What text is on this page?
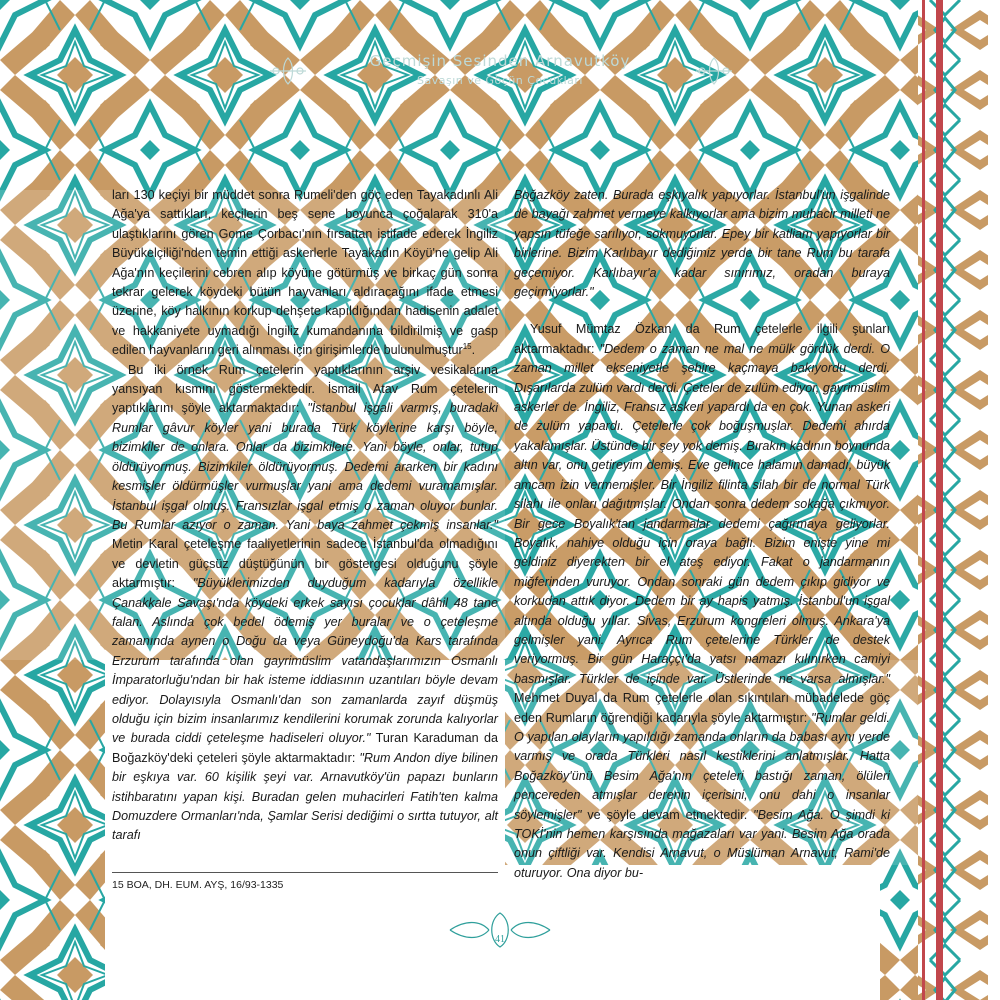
Geçmişin Sesinden Arnavutköy
Savaşın ve Göçün Çocukları

ları 130 keçiyi bir müddet sonra Rumeli'den göç eden Tayakadınlı Ali Ağa'ya sattıkları, keçilerin beş sene boyunca çoğalarak 310'a ulaştıklarını gören Gome Çorbacı'nın fırsattan istifade ederek İngiliz Büyükelçiliği'nden temin ettiği askerlerle Tayakadın Köyü'ne gelip Ali Ağa'nın keçilerini cebren alıp köyüne götürmüş ve birkaç gün sonra tekrar gelerek köydeki bütün hayvanları aldıracağını ifade etmesi üzerine, köy halkının korkup dehşete kapıldığından hadisenin adalet ve hakkaniyete uymadığı İngiliz kumandanına bildirilmiş ve gasp edilen hayvanların geri alınması için girişimlerde bulunulmuştur$^{15}$.

Bu iki örnek Rum çetelerin yaptıklarının arşiv vesikalarına yansıyan kısmını göstermektedir. İsmail Atav Rum çetelerin yaptıklarını şöyle aktarmaktadır: "İstanbul işgali varmış, buradaki Rumlar gâvur köyler yani burada Türk köylerine karşı böyle, bizimkiler de onlara. Onlar da bizimkilere. Yani böyle, onlar, tutup öldürüyormuş. Bizimkiler öldürüyormuş. Dedemi ararken bir kadını kesmişler öldürmüşler vurmuşlar yani ama dedemi vuramamışlar. İstanbul işgal olmuş. Fransızlar işgal etmiş o zaman oluyor bunlar. Bu Rumlar azıyor o zaman. Yani baya zahmet çekmiş insanlar." Metin Karal çeteleşme faaliyetlerinin sadece İstanbul'da olmadığını ve devletin güçsüz düştüğünün bir göstergesi olduğunu şöyle aktarmıştır: "Büyüklerimizden duyduğum kadarıyla özellikle Çanakkale Savaşı'nda köydeki erkek sayısı çocuklar dâhil 48 tane falan. Aslında çok bedel ödemiş yer buralar ve o çeteleşme zamanında aynen o Doğu da veya Güneydoğu'da Kars tarafında Erzurum tarafında olan gayrimüslim vatandaşlarımızın Osmanlı İmparatorluğu'ndan bir hak isteme iddiasının uzantıları böyle devam ediyor. Dolayısıyla Osmanlı'dan son zamanlarda zayıf düşmüş olduğu için bizim insanlarımız kendilerini korumak zorunda kalıyorlar ve burada ciddi çeteleşme hadiseleri oluyor." Turan Karaduman da Boğazköy'deki çeteleri şöyle aktarmaktadır: "Rum Andon diye bilinen bir eşkıya var. 60 kişilik şeyi var. Arnavutköy'ün papazı bunların istihbaratını yapan kişi. Buradan gelen muhacirleri Fatih'ten kalma Domuzdere Ormanları'nda, Şamlar Serisi dediğimi o sırtta tutuyor, alt tarafı

Boğazköy zaten. Burada eşkıyalık yapıyorlar. İstanbul'un işgalinde de bayağı zahmet vermeye kalkıyorlar ama bizim muhacir milleti ne yapsın tüfeğe sarılıyor, sokmuyorlar. Epey bir katliam yapıyorlar bir birlerine. Bizim Karlıbayır dediğimiz yerde bir tane Rum bu tarafa geçemiyor. Karlıbayır'a kadar sınırımız, oradan buraya geçirmiyorlar."

Yusuf Mümtaz Özkan da Rum çetelerle ilgili şunları aktarmaktadır: "Dedem o zaman ne mal ne mülk gördük derdi. O zaman millet ekseniyetle şehire kaçmaya bakıyordu derdi. Dışarılarda zulüm vardı derdi. Çeteler de zulüm ediyor, gayrimüslim askerler de. İngiliz, Fransız askeri yapardı da en çok. Yunan askeri de zulüm yapardı. Çetelerle çok boğuşmuşlar. Dedemi ahırda yakalamışlar. Üstünde bir şey yok demiş. Bırakın kadının boynunda altın var, onu getireyim demiş. Eve gelince halamın damadı, büyük amcam izin vermemişler. Bir İngiliz filinta silah bir de normal Türk silahı ile onları dağıtmışlar. Ondan sonra dedem sokağa çıkmıyor. Bir gece Boyalık'tan jandarmalar dedemi çağırmaya geliyorlar. Boyalık, nahiye olduğu için oraya bağlı. Bizim enişte yine mi geldiniz diyerekten bir el ateş ediyor. Fakat o jandarmanın miğferinden vuruyor. Ondan sonraki gün dedem çıkıp gidiyor ve korkudan attık diyor. Dedem bir ay hapis yatmış. İstanbul'un işgal altında olduğu yıllar. Sivas, Erzurum kongreleri olmuş. Ankara'ya gelmişler yani. Ayrıca Rum çetelerine Türkler de destek veriyormuş. Bir gün Haraççı'da yatsı namazı kılınırken camiyi basmışlar. Türkler de içinde var. Üstlerinde ne varsa almışlar." Mehmet Duyal da Rum çetelerle olan sıkıntıları mübadelede göç eden Rumların öğrendiği kadarıyla şöyle aktarmıştır: "Rumlar geldi. O yapılan olayların yapıldığı zamanda onların da babası aynı yerde varmış ve orada Türkleri nasıl kestiklerini anlatmışlar. Hatta Boğazköy'ünü Besim Ağa'nın çeteleri bastığı zaman, ölüleri pencereden atmışlar derenin içerisini, onu dahi o insanlar söylemişler" ve şöyle devam etmektedir. "Besim Ağa. O şimdi ki TOKİ'nin hemen karşısında mağazaları var yani. Besim Ağa orada onun çiftliği var. Kendisi Arnavut, o Müslüman Arnavut, Rami'de oturuyor. Ona diyor bu-

15 BOA, DH. EUM. AYŞ, 16/93-1335
41
